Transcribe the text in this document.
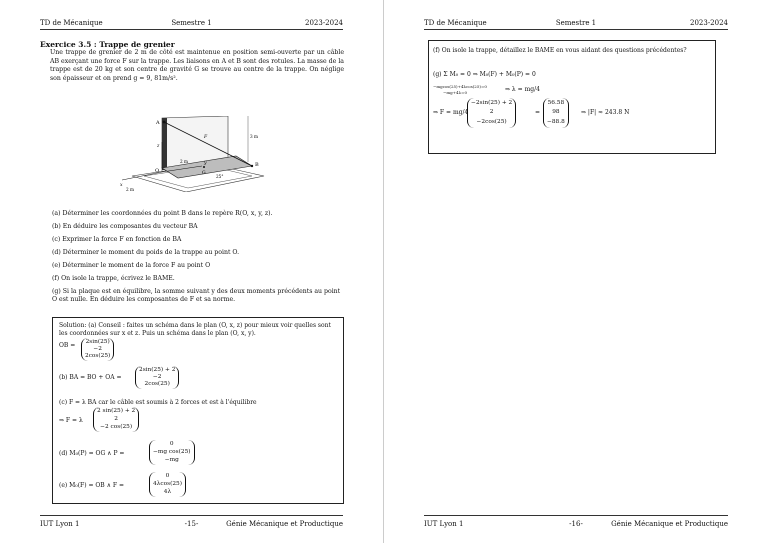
TD de Mécanique	Semestre 1	2023-2024
Exercice 3.5 : Trappe de grenier
Une trappe de grenier de 2 m de côté est maintenue en position semi-ouverte par un câble AB exerçant une force F sur la trappe. Les liaisons en A et B sont des rotules. La masse de la trappe est de 20 kg et son centre de gravité G se trouve au centre de la trappe. On néglige son épaisseur et on prend g = 9, 81m/s².
A
B
O	G
F
z
y
x
2 m
2 m
3 m
25°
(a) Déterminer les coordonnées du point B dans le repère R(O, x, y, z).
(b) En déduire les composantes du vecteur BA
(c) Exprimer la force F en fonction de BA
(d) Déterminer le moment du poids de la trappe au point O.
(e) Déterminer le moment de la force F au point O
(f) On isole la trappe, écrivez le BAME.
(g) Si la plaque est en équilibre, la somme suivant y des deux moments précédents au point O est nulle. En déduire les composantes de F et sa norme.
Solution: (a) Conseil : faites un schéma dans le plan (O, x, z) pour mieux voir quelles sont les coordonnées sur x et z. Puis un schéma dans le plan (O, x, y).
OB = 2sin(25)
−2
2cos(25)
(b) BA = BO + OA =
2sin(25) + 2
−2
2cos(25)
(c) F = λ BA car le câble est soumis à 2 forces et est à l'équilibre
⇒ F = λ
2 sin(25) + 2
2
−2 cos(25)
(d) M₀(P) = OG ∧ P =
0
−mg cos(25)
−mg
(e) M₀(F) = OB ∧ F =
0
4λcos(25)
4λ
IUT Lyon 1	-15-	Génie Mécanique et Productique
TD de Mécanique	Semestre 1	2023-2024
(f) On isole la trappe, détaillez le BAME en vous aidant des questions précédentes?
(g) Σ M₀ = 0 ⇒ M₀(F) + M₀(P) = 0
−mgcos(25)+4λcos(25)=0
−mg+4λ=0	⇒ λ = mg/4
⇒ F = mg/4
−2sin(25) + 2
2
−2cos(25)
=
56.58
98
−88.8
⇒ |F| ≈ 243.8 N
IUT Lyon 1	-16-	Génie Mécanique et Productique
